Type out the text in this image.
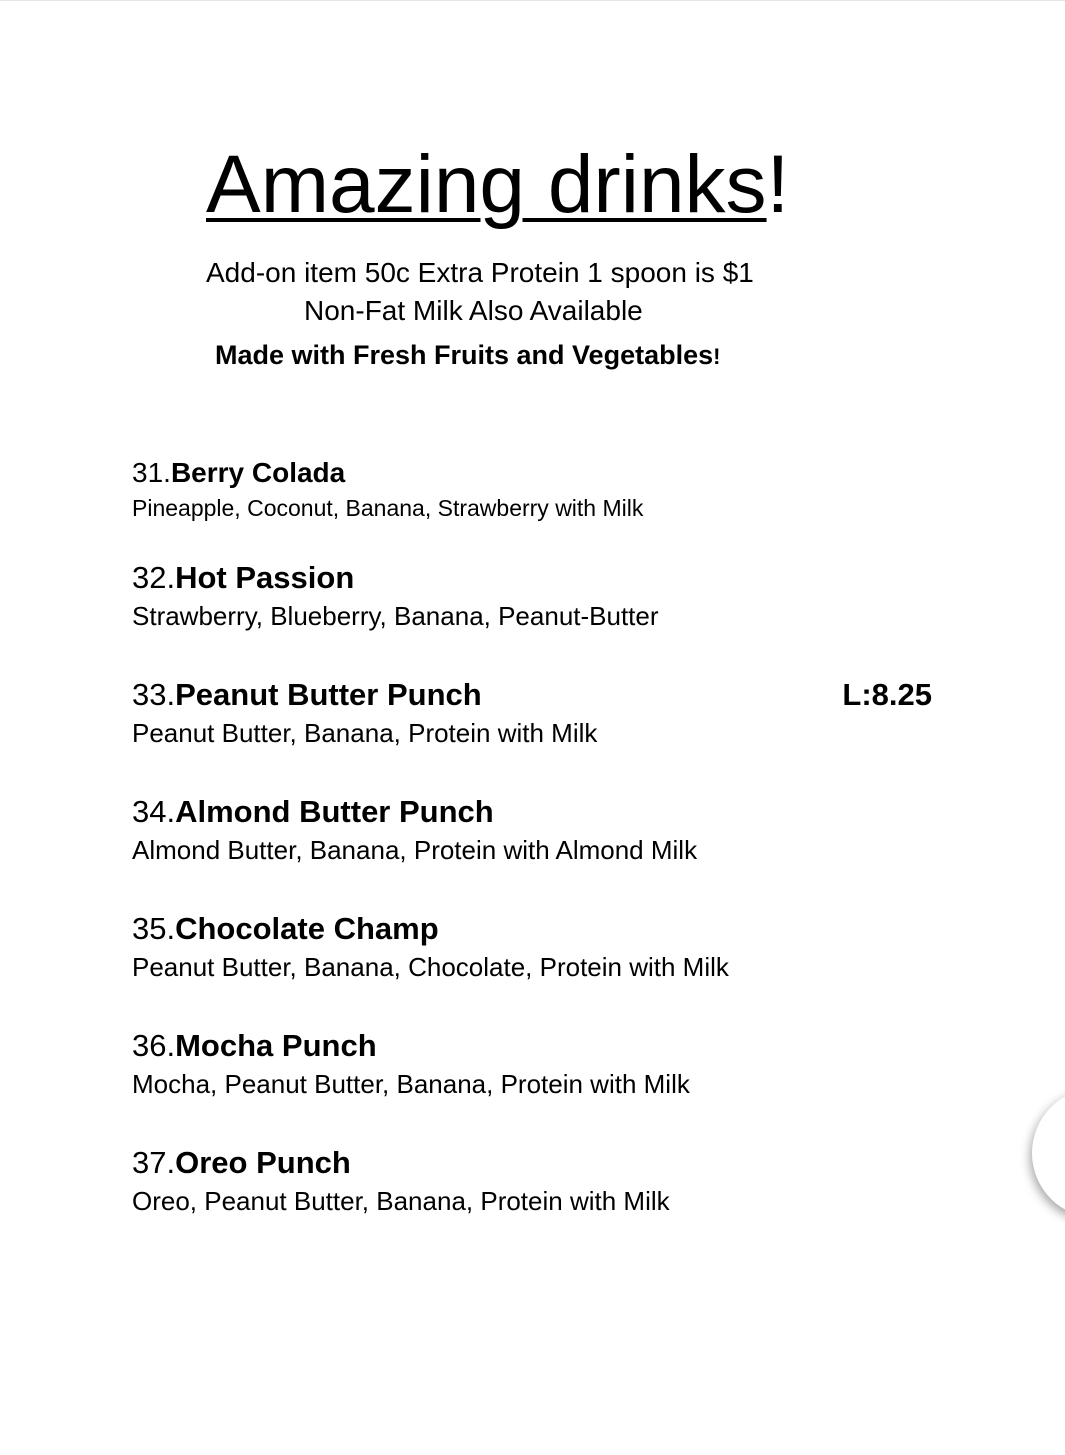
Amazing drinks!
Add-on item 50c Extra Protein 1 spoon is $1
Non-Fat Milk Also Available
Made with Fresh Fruits and Vegetables!
31.Berry Colada
Pineapple, Coconut, Banana, Strawberry with Milk
32.Hot Passion
Strawberry, Blueberry, Banana, Peanut-Butter
33.Peanut Butter Punch	L:8.25
Peanut Butter, Banana, Protein with Milk
34.Almond Butter Punch
Almond Butter, Banana, Protein with Almond Milk
35.Chocolate Champ
Peanut Butter, Banana, Chocolate, Protein with Milk
36.Mocha Punch
Mocha, Peanut Butter, Banana, Protein with Milk
37.Oreo Punch
Oreo, Peanut Butter, Banana, Protein with Milk
